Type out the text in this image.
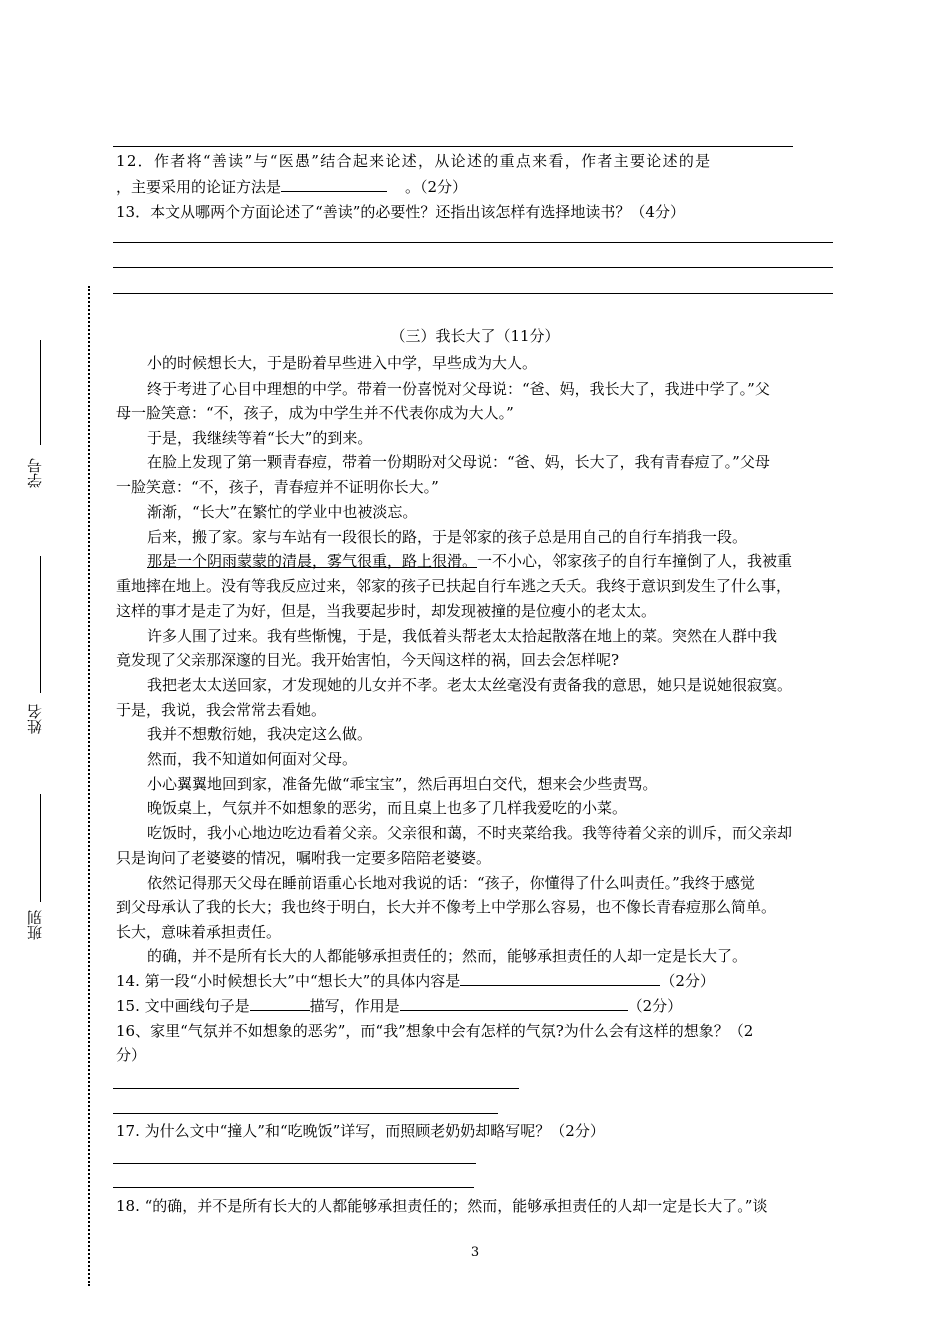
12．作者将“善读”与“医愚”结合起来论述，从论述的重点来看，作者主要论述的是
，主要采用的论证方法是	。（2分）
13．本文从哪两个方面论述了“善读”的必要性？还指出该怎样有选择地读书？（4分）
学号
姓名
班别
（三）我长大了（11分）
小的时候想长大，于是盼着早些进入中学，早些成为大人。
终于考进了心目中理想的中学。带着一份喜悦对父母说：“爸、妈，我长大了，我进中学了。”父
母一脸笑意：“不，孩子，成为中学生并不代表你成为大人。”
于是，我继续等着“长大”的到来。
在脸上发现了第一颗青春痘，带着一份期盼对父母说：“爸、妈，长大了，我有青春痘了。”父母
一脸笑意：“不，孩子，青春痘并不证明你长大。”
渐渐，“长大”在繁忙的学业中也被淡忘。
后来，搬了家。家与车站有一段很长的路，于是邻家的孩子总是用自己的自行车捎我一段。
那是一个阴雨蒙蒙的清晨，雾气很重，路上很滑。一不小心，邻家孩子的自行车撞倒了人，我被重
重地摔在地上。没有等我反应过来，邻家的孩子已扶起自行车逃之夭夭。我终于意识到发生了什么事，
这样的事才是走了为好，但是，当我要起步时，却发现被撞的是位瘦小的老太太。
许多人围了过来。我有些惭愧，于是，我低着头帮老太太拾起散落在地上的菜。突然在人群中我
竟发现了父亲那深邃的目光。我开始害怕，今天闯这样的祸，回去会怎样呢?
我把老太太送回家，才发现她的儿女并不孝。老太太丝毫没有责备我的意思，她只是说她很寂寞。
于是，我说，我会常常去看她。
我并不想敷衍她，我决定这么做。
然而，我不知道如何面对父母。
小心翼翼地回到家，准备先做“乖宝宝”，然后再坦白交代，想来会少些责骂。
晚饭桌上，气氛并不如想象的恶劣，而且桌上也多了几样我爱吃的小菜。
吃饭时，我小心地边吃边看着父亲。父亲很和蔼，不时夹菜给我。我等待着父亲的训斥，而父亲却
只是询问了老婆婆的情况，嘱咐我一定要多陪陪老婆婆。
依然记得那天父母在睡前语重心长地对我说的话：“孩子，你懂得了什么叫责任。”我终于感觉
到父母承认了我的长大；我也终于明白，长大并不像考上中学那么容易，也不像长青春痘那么简单。
长大，意味着承担责任。
的确，并不是所有长大的人都能够承担责任的；然而，能够承担责任的人却一定是长大了。
14. 第一段“小时候想长大”中“想长大”的具体内容是	（2分）
15. 文中画线句子是	描写，作用是	（2分）
16、家里“气氛并不如想象的恶劣”，而“我”想象中会有怎样的气氛?为什么会有这样的想象？（2
分）
17. 为什么文中“撞人”和“吃晚饭”详写，而照顾老奶奶却略写呢？（2分）
18. “的确，并不是所有长大的人都能够承担责任的；然而，能够承担责任的人却一定是长大了。”谈
3
